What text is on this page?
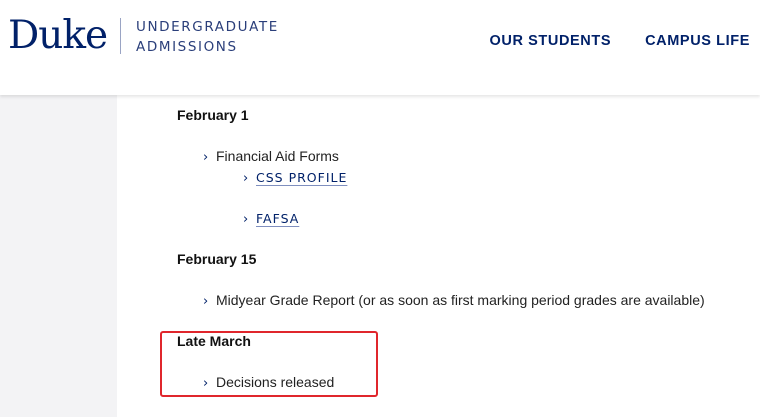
Duke UNDERGRADUATE
ADMISSIONS	OUR STUDENTS CAMPUS LIFE
February 1
› Financial Aid Forms
› CSS PROFILE
› FAFSA
February 15
› Midyear Grade Report (or as soon as first marking period grades are available)
Late March
› Decisions released
